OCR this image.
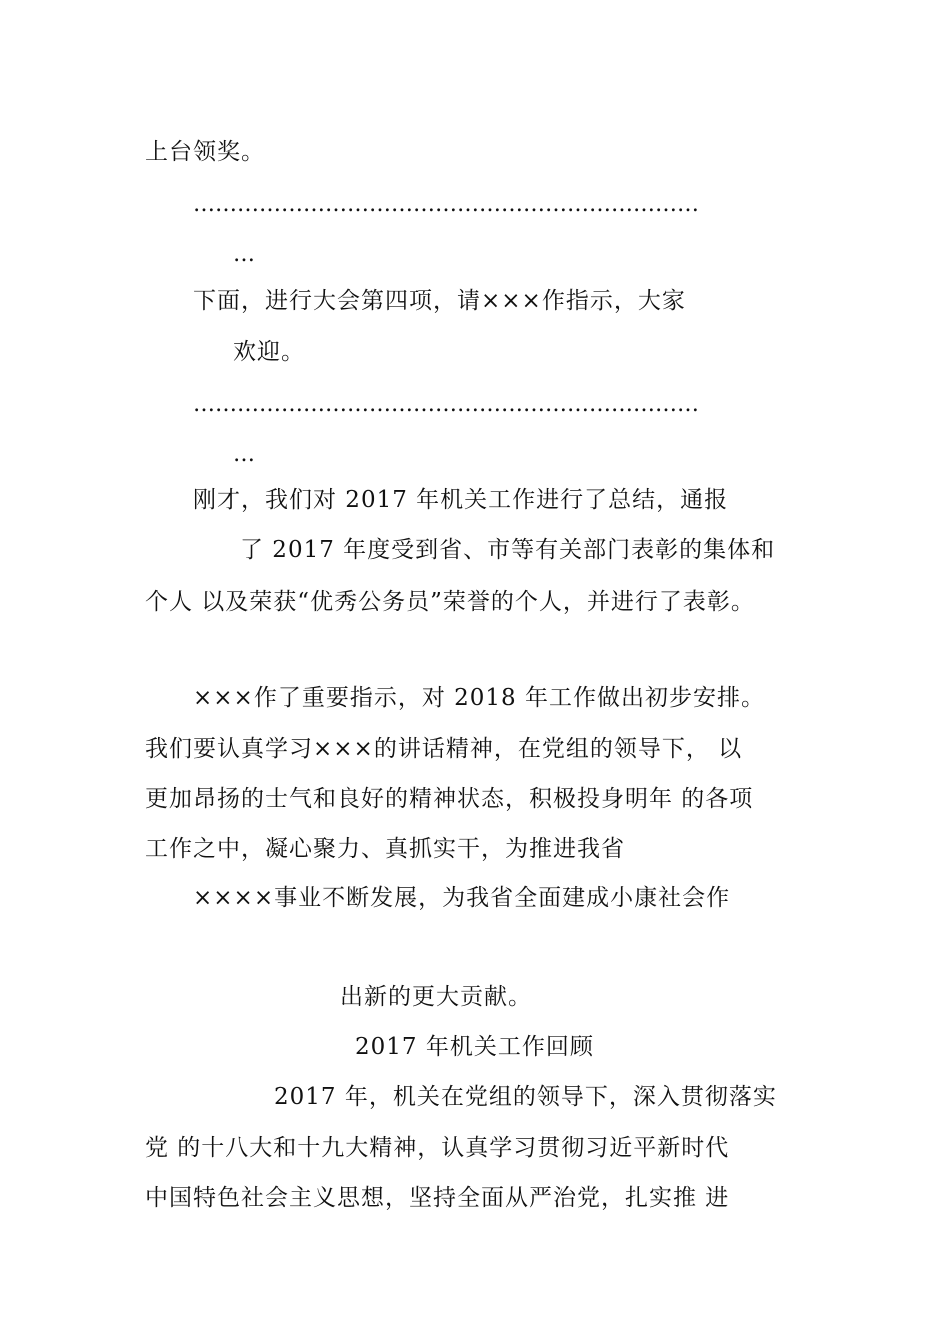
上台领奖。
……………………………………………………………
…
下面，进行大会第四项，请×××作指示，大家
欢迎。
……………………………………………………………
…
刚才，我们对 2017 年机关工作进行了总结，通报
了 2017 年度受到省、市等有关部门表彰的集体和
个人 以及荣获“优秀公务员”荣誉的个人，并进行了表彰。
×××作了重要指示，对 2018 年工作做出初步安排。
我们要认真学习×××的讲话精神，在党组的领导下， 以
更加昂扬的士气和良好的精神状态，积极投身明年 的各项
工作之中，凝心聚力、真抓实干，为推进我省
××××事业不断发展，为我省全面建成小康社会作
出新的更大贡献。
2017 年机关工作回顾
2017 年，机关在党组的领导下，深入贯彻落实
党 的十八大和十九大精神，认真学习贯彻习近平新时代
中国特色社会主义思想，坚持全面从严治党，扎实推 进
